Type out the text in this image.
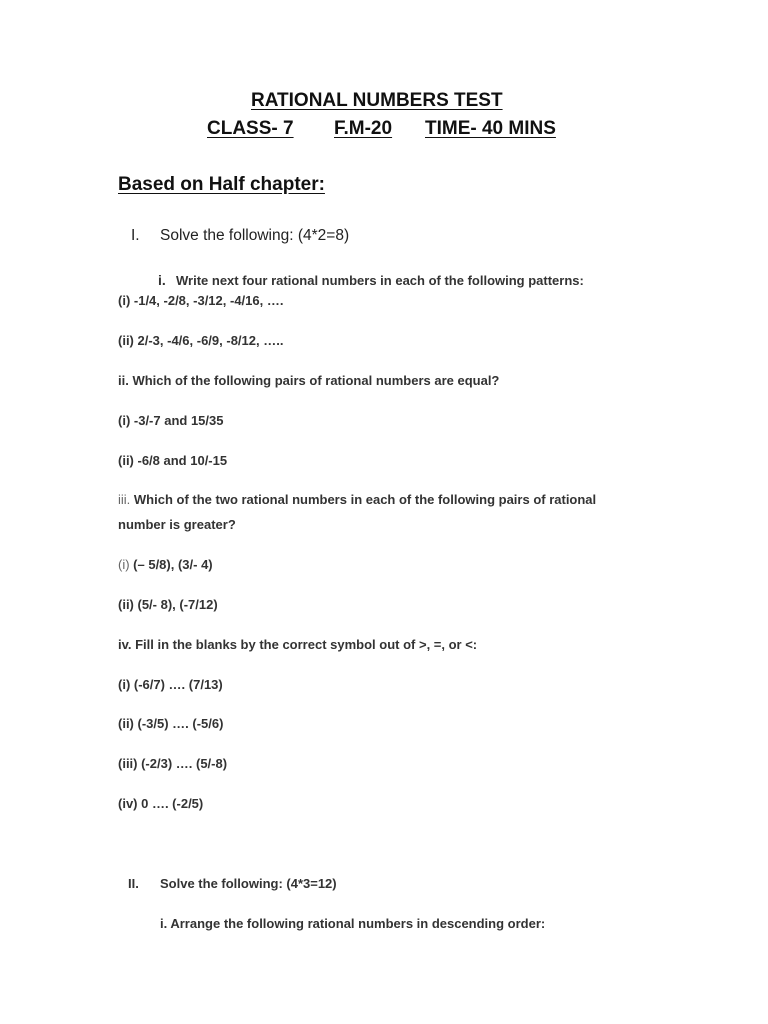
RATIONAL NUMBERS TEST
CLASS- 7 F.M-20 TIME- 40 MINS
Based on Half chapter:
I. Solve the following: (4*2=8)
i. Write next four rational numbers in each of the following patterns:
(i) -1/4, -2/8, -3/12, -4/16, ….
(ii) 2/-3, -4/6, -6/9, -8/12, …..
ii. Which of the following pairs of rational numbers are equal?
(i) -3/-7 and 15/35
(ii) -6/8 and 10/-15
iii. Which of the two rational numbers in each of the following pairs of rational
number is greater?
(i) (– 5/8), (3/- 4)
(ii) (5/- 8), (-7/12)
iv. Fill in the blanks by the correct symbol out of >, =, or <:
(i) (-6/7) …. (7/13)
(ii) (-3/5) …. (-5/6)
(iii) (-2/3) …. (5/-8)
(iv) 0 …. (-2/5)
II. Solve the following: (4*3=12)
i. Arrange the following rational numbers in descending order:
